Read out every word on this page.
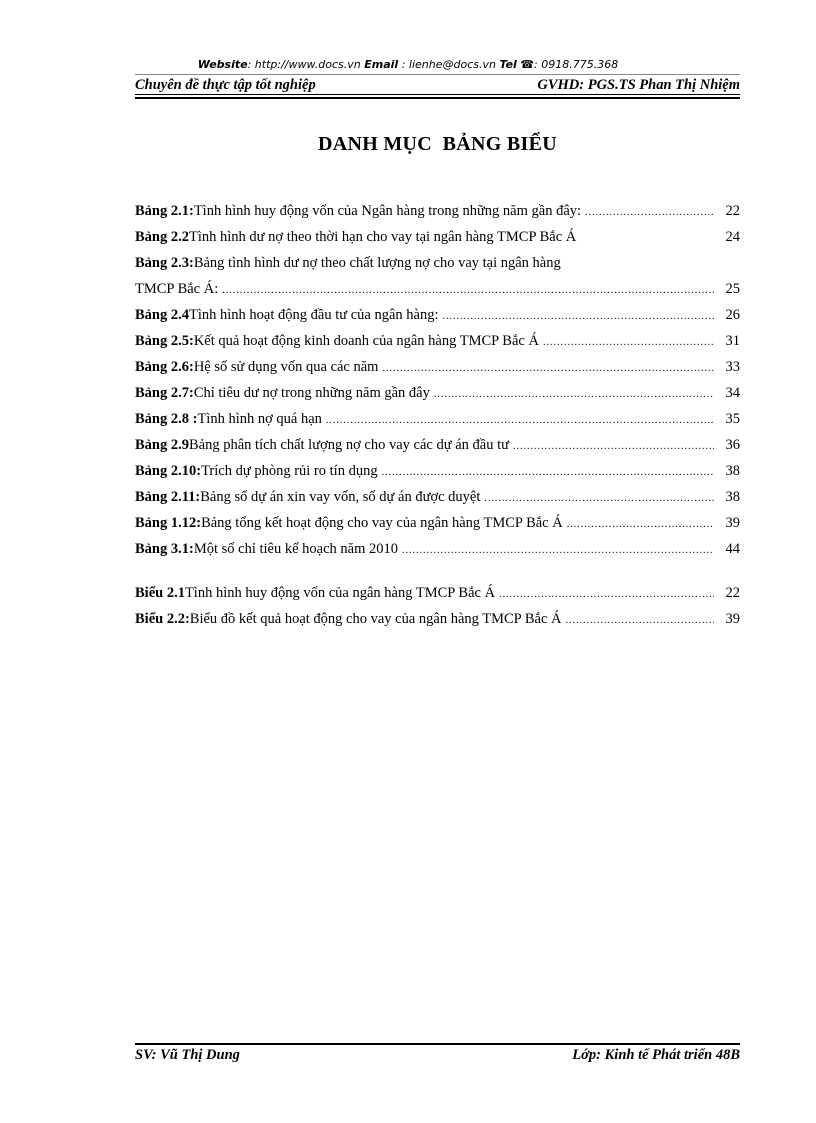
Website: http://www.docs.vn Email : lienhe@docs.vn Tel ☎: 0918.775.368
Chuyên đề thực tập tốt nghiệp	GVHD: PGS.TS Phan Thị Nhiệm
DANH MỤC  BẢNG BIỂU
Bảng 2.1: Tình hình huy động vốn của Ngân hàng trong những năm gần đây: .....	22
Bảng 2.2 Tình hình dư nợ theo thời hạn cho vay tại ngân hàng TMCP Bắc Á	24
Bảng 2.3: Bảng tình hình dư nợ theo chất lượng nợ cho vay tại ngân hàng
TMCP Bắc Á: .....	25
Bảng 2.4 Tình hình hoạt động đầu tư của ngân hàng: .....	26
Bảng 2.5: Kết quả hoạt động kinh doanh của ngân hàng TMCP Bắc Á .....	31
Bảng 2.6: Hệ số sử dụng vốn qua các năm .....	33
Bảng 2.7: Chỉ tiêu dư nợ trong những năm gần đây .....	34
Bảng 2.8 : Tình hình nợ quá hạn .....	35
Bảng 2.9 Bảng phân tích chất lượng nợ cho vay các dự án đầu tư .....	36
Bảng 2.10: Trích dự phòng rủi ro tín dụng .....	38
Bảng 2.11: Bảng số dự án xin vay vốn, số dự án được duyệt .....	38
Bảng 1.12: Bảng tổng kết hoạt động cho vay của ngân hàng TMCP Bắc Á .....	39
Bảng 3.1: Một số chỉ tiêu kế hoạch năm 2010 .....	44
Biểu 2.1 Tình hình huy động vốn của ngân hàng TMCP Bắc Á .....	22
Biểu 2.2: Biểu đồ kết quả hoạt động cho vay của ngân hàng TMCP Bắc Á .....	39
SV: Vũ Thị Dung	Lớp: Kinh tế Phát triển 48B
